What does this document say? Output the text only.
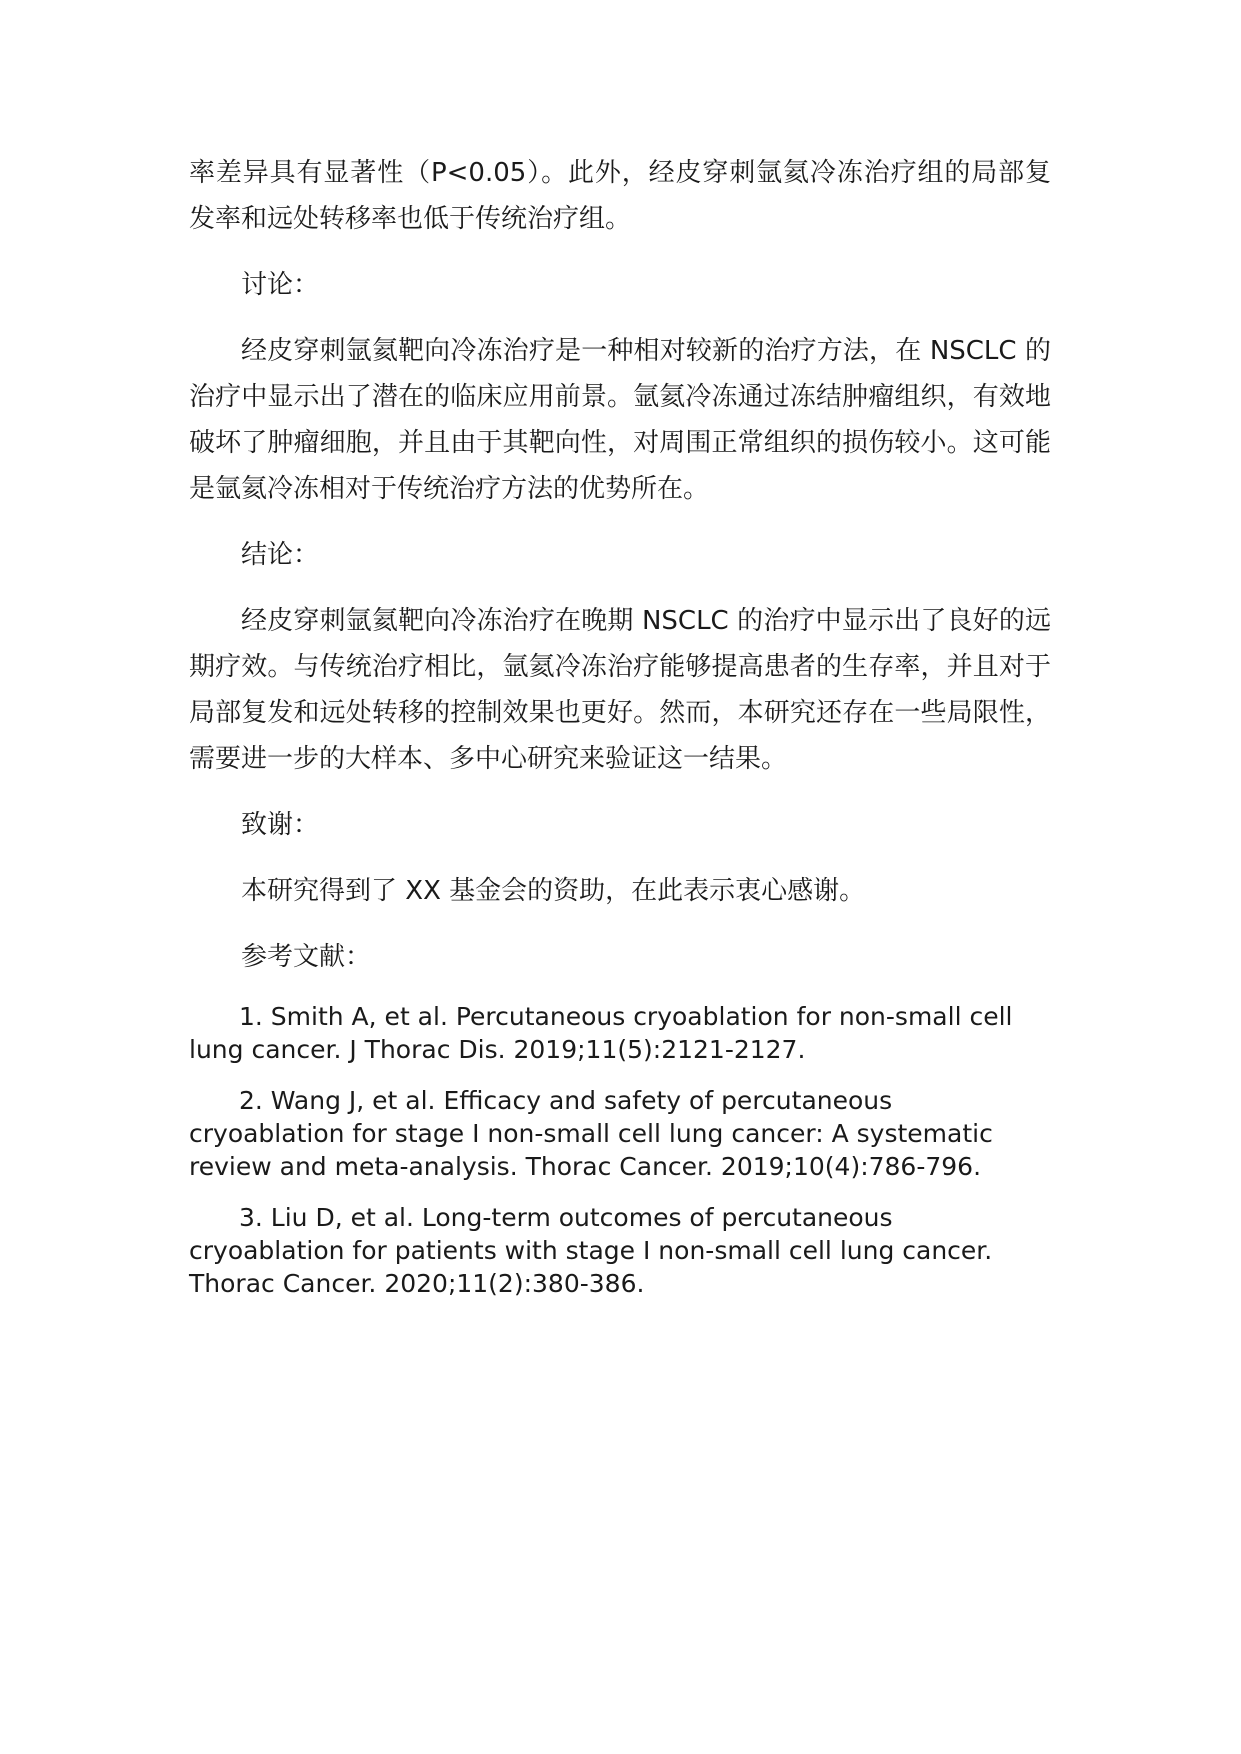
率差异具有显著性（P<0.05）。此外，经皮穿刺氩氦冷冻治疗组的局部复发率和远处转移率也低于传统治疗组。

讨论：

经皮穿刺氩氦靶向冷冻治疗是一种相对较新的治疗方法，在 NSCLC 的治疗中显示出了潜在的临床应用前景。氩氦冷冻通过冻结肿瘤组织，有效地破坏了肿瘤细胞，并且由于其靶向性，对周围正常组织的损伤较小。这可能是氩氦冷冻相对于传统治疗方法的优势所在。

结论：

经皮穿刺氩氦靶向冷冻治疗在晚期 NSCLC 的治疗中显示出了良好的远期疗效。与传统治疗相比，氩氦冷冻治疗能够提高患者的生存率，并且对于局部复发和远处转移的控制效果也更好。然而，本研究还存在一些局限性，需要进一步的大样本、多中心研究来验证这一结果。

致谢：

本研究得到了 XX 基金会的资助，在此表示衷心感谢。

参考文献：

1. Smith A, et al. Percutaneous cryoablation for non-small cell lung cancer. J Thorac Dis. 2019;11(5):2121-2127.

2. Wang J, et al. Efficacy and safety of percutaneous cryoablation for stage I non-small cell lung cancer: A systematic review and meta-analysis. Thorac Cancer. 2019;10(4):786-796.

3. Liu D, et al. Long-term outcomes of percutaneous cryoablation for patients with stage I non-small cell lung cancer. Thorac Cancer. 2020;11(2):380-386.
